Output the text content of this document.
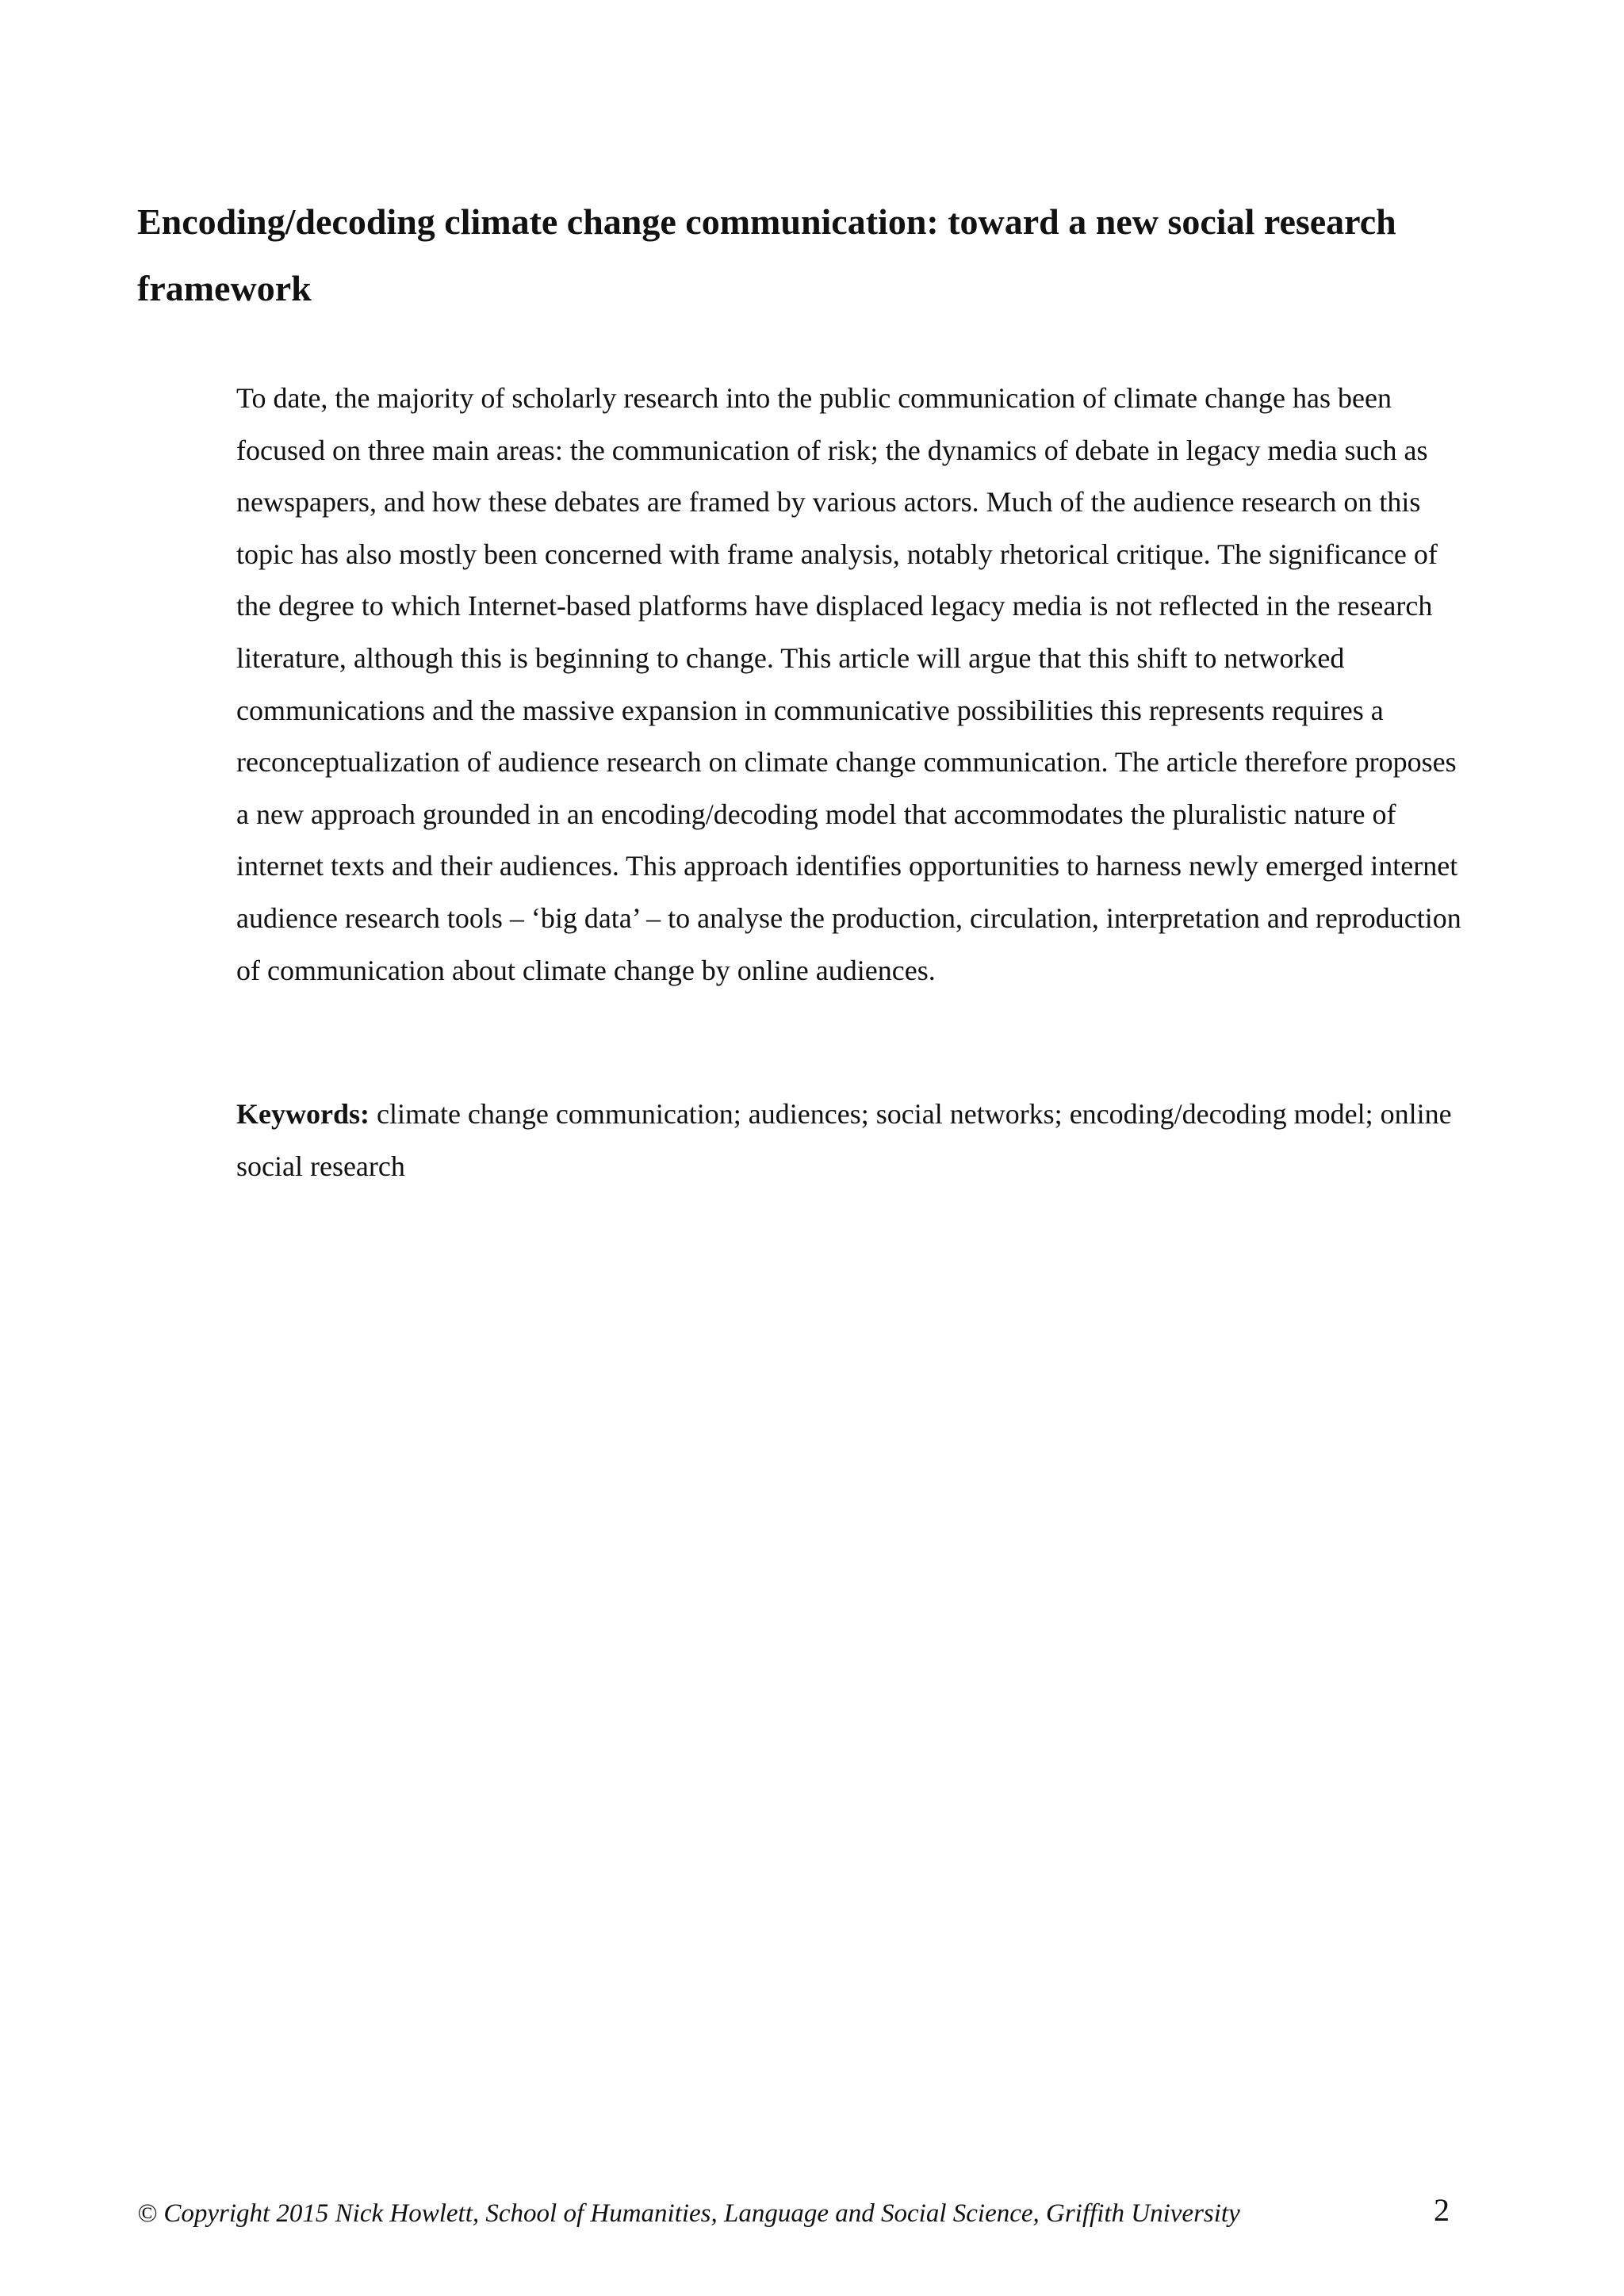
Encoding/decoding climate change communication: toward a new social research framework

To date, the majority of scholarly research into the public communication of climate change has been focused on three main areas: the communication of risk; the dynamics of debate in legacy media such as newspapers, and how these debates are framed by various actors. Much of the audience research on this topic has also mostly been concerned with frame analysis, notably rhetorical critique. The significance of the degree to which Internet-based platforms have displaced legacy media is not reflected in the research literature, although this is beginning to change. This article will argue that this shift to networked communications and the massive expansion in communicative possibilities this represents requires a reconceptualization of audience research on climate change communication. The article therefore proposes a new approach grounded in an encoding/decoding model that accommodates the pluralistic nature of internet texts and their audiences. This approach identifies opportunities to harness newly emerged internet audience research tools – ‘big data’ – to analyse the production, circulation, interpretation and reproduction of communication about climate change by online audiences.

Keywords: climate change communication; audiences; social networks; encoding/decoding model; online social research

© Copyright 2015 Nick Howlett, School of Humanities, Language and Social Science, Griffith University	2
